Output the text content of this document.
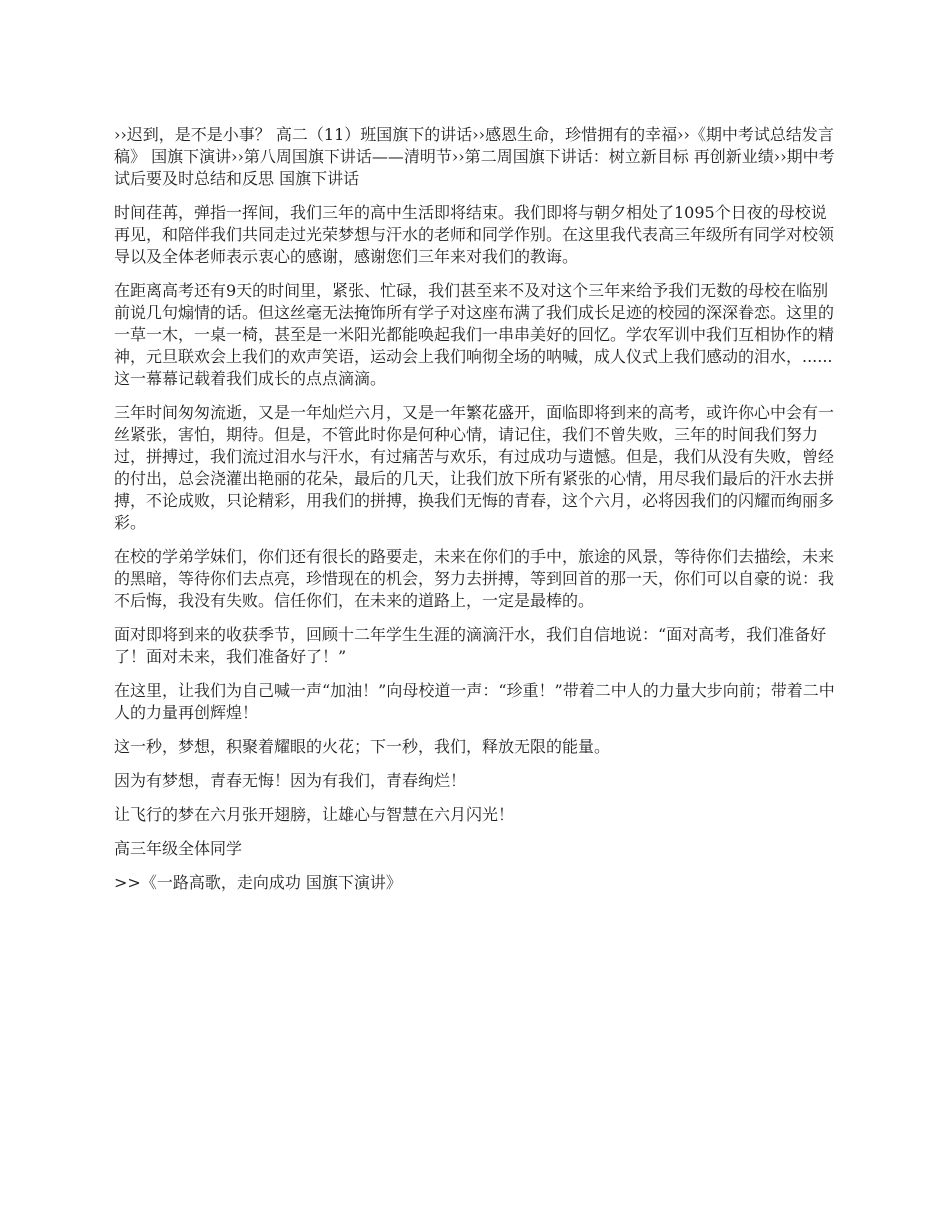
››迟到，是不是小事？ 高二（11）班国旗下的讲话››感恩生命，珍惜拥有的幸福››《期中考试总结发言稿》 国旗下演讲››第八周国旗下讲话——清明节››第二周国旗下讲话：树立新目标 再创新业绩››期中考试后要及时总结和反思 国旗下讲话

时间荏苒，弹指一挥间，我们三年的高中生活即将结束。我们即将与朝夕相处了1095个日夜的母校说再见，和陪伴我们共同走过光荣梦想与汗水的老师和同学作别。在这里我代表高三年级所有同学对校领导以及全体老师表示衷心的感谢，感谢您们三年来对我们的教诲。

在距离高考还有9天的时间里，紧张、忙碌，我们甚至来不及对这个三年来给予我们无数的母校在临别前说几句煽情的话。但这丝毫无法掩饰所有学子对这座布满了我们成长足迹的校园的深深眷恋。这里的一草一木，一桌一椅，甚至是一米阳光都能唤起我们一串串美好的回忆。学农军训中我们互相协作的精神，元旦联欢会上我们的欢声笑语，运动会上我们响彻全场的呐喊，成人仪式上我们感动的泪水，......这一幕幕记载着我们成长的点点滴滴。

三年时间匆匆流逝，又是一年灿烂六月，又是一年繁花盛开，面临即将到来的高考，或许你心中会有一丝紧张，害怕，期待。但是，不管此时你是何种心情，请记住，我们不曾失败，三年的时间我们努力过，拼搏过，我们流过泪水与汗水，有过痛苦与欢乐，有过成功与遗憾。但是，我们从没有失败，曾经的付出，总会浇灌出艳丽的花朵，最后的几天，让我们放下所有紧张的心情，用尽我们最后的汗水去拼搏，不论成败，只论精彩，用我们的拼搏，换我们无悔的青春，这个六月，必将因我们的闪耀而绚丽多彩。

在校的学弟学妹们，你们还有很长的路要走，未来在你们的手中，旅途的风景，等待你们去描绘，未来的黑暗，等待你们去点亮，珍惜现在的机会，努力去拼搏，等到回首的那一天，你们可以自豪的说：我不后悔，我没有失败。信任你们，在未来的道路上，一定是最棒的。

面对即将到来的收获季节，回顾十二年学生生涯的滴滴汗水，我们自信地说：“面对高考，我们准备好了！面对未来，我们准备好了！”

在这里，让我们为自己喊一声“加油！”向母校道一声：“珍重！”带着二中人的力量大步向前；带着二中人的力量再创辉煌！

这一秒，梦想，积聚着耀眼的火花；下一秒，我们，释放无限的能量。

因为有梦想，青春无悔！因为有我们，青春绚烂！

让飞行的梦在六月张开翅膀，让雄心与智慧在六月闪光！

高三年级全体同学

>>《一路高歌，走向成功 国旗下演讲》
